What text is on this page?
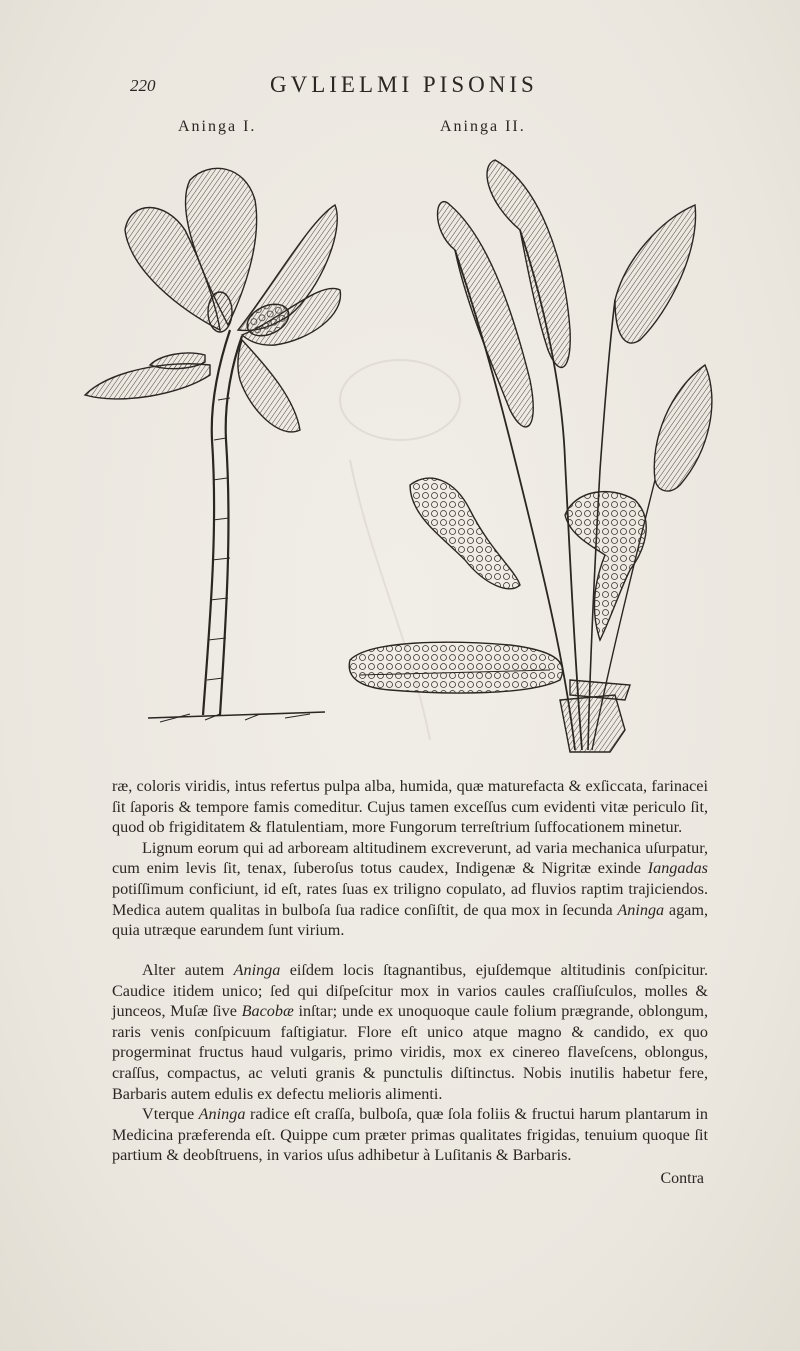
220	GVLIELMI PISONIS
Aninga I.	Aninga II.

ræ, coloris viridis, intus refertus pulpa alba, humida, quæ maturefacta & exſiccata, farinacei ſit ſaporis & tempore famis comeditur. Cujus tamen exceſſus cum evidenti vitæ periculo ſit, quod ob frigiditatem & flatulentiam, more Fungorum terreſtrium ſuffocationem minetur.

Lignum eorum qui ad arboream altitudinem excreverunt, ad varia mechanica uſurpatur, cum enim levis ſit, tenax, ſuberoſus totus caudex, Indigenæ & Nigritæ exinde Iangadas potiſſimum conficiunt, id eſt, rates ſuas ex triligno copulato, ad fluvios raptim trajiciendos. Medica autem qualitas in bulboſa ſua radice conſiſtit, de qua mox in ſecunda Aninga agam, quia utræque earundem ſunt virium.

Alter autem Aninga eiſdem locis ſtagnantibus, ejuſdemque altitudinis conſpicitur. Caudice itidem unico; ſed qui diſpeſcitur mox in varios caules craſſiuſculos, molles & junceos, Muſæ ſive Bacobæ inſtar; unde ex unoquoque caule folium prægrande, oblongum, raris venis conſpicuum faſtigiatur. Flore eſt unico atque magno & candido, ex quo progerminat fructus haud vulgaris, primo viridis, mox ex cinereo flaveſcens, oblongus, craſſus, compactus, ac veluti granis & punctulis diſtinctus. Nobis inutilis habetur fere, Barbaris autem edulis ex defectu melioris alimenti.

Vterque Aninga radice eſt craſſa, bulboſa, quæ ſola foliis & fructui harum plantarum in Medicina præferenda eſt. Quippe cum præter primas qualitates frigidas, tenuium quoque ſit partium & deobſtruens, in varios uſus adhibetur à Luſitanis & Barbaris.

Contra
